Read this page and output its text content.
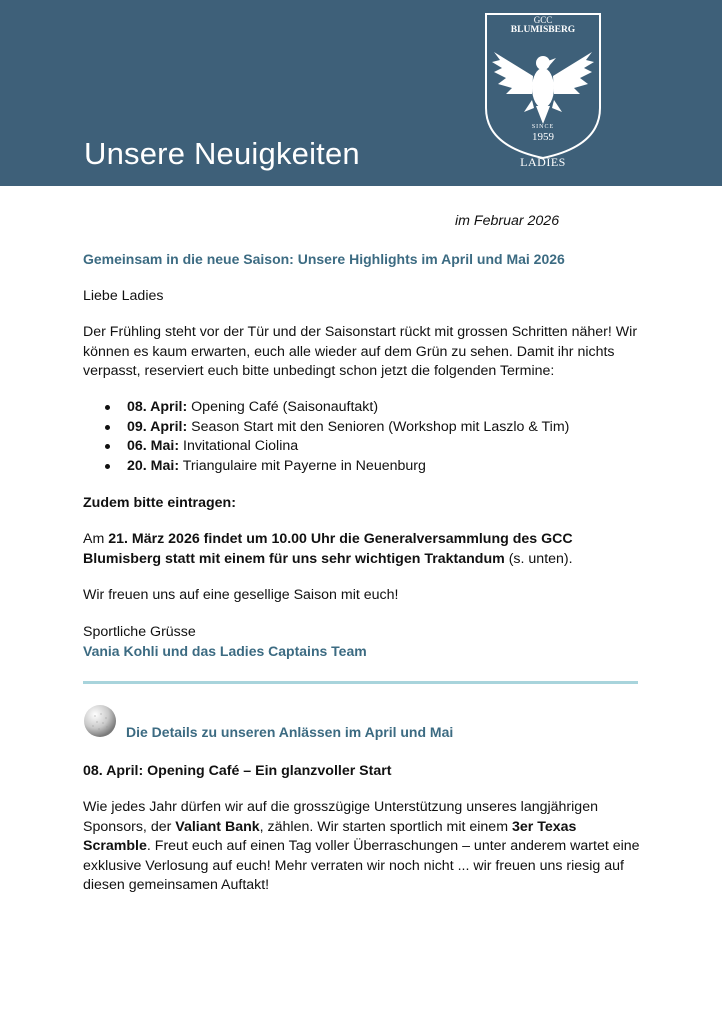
Unsere Neuigkeiten
GCC
BLUMISBERG
SINCE
1959
LADIES
im Februar 2026

Gemeinsam in die neue Saison: Unsere Highlights im April und Mai 2026

Liebe Ladies

Der Frühling steht vor der Tür und der Saisonstart rückt mit grossen Schritten näher! Wir können es kaum erwarten, euch alle wieder auf dem Grün zu sehen. Damit ihr nichts verpasst, reserviert euch bitte unbedingt schon jetzt die folgenden Termine:

08. April: Opening Café (Saisonauftakt)
09. April: Season Start mit den Senioren (Workshop mit Laszlo & Tim)
06. Mai: Invitational Ciolina
20. Mai: Triangulaire mit Payerne in Neuenburg

Zudem bitte eintragen:

Am 21. März 2026 findet um 10.00 Uhr die Generalversammlung des GCC Blumisberg statt mit einem für uns sehr wichtigen Traktandum (s. unten).

Wir freuen uns auf eine gesellige Saison mit euch!

Sportliche Grüsse

Vania Kohli und das Ladies Captains Team

Die Details zu unseren Anlässen im April und Mai

08. April: Opening Café – Ein glanzvoller Start

Wie jedes Jahr dürfen wir auf die grosszügige Unterstützung unseres langjährigen Sponsors, der Valiant Bank, zählen. Wir starten sportlich mit einem 3er Texas Scramble. Freut euch auf einen Tag voller Überraschungen – unter anderem wartet eine exklusive Verlosung auf euch! Mehr verraten wir noch nicht ... wir freuen uns riesig auf diesen gemeinsamen Auftakt!
